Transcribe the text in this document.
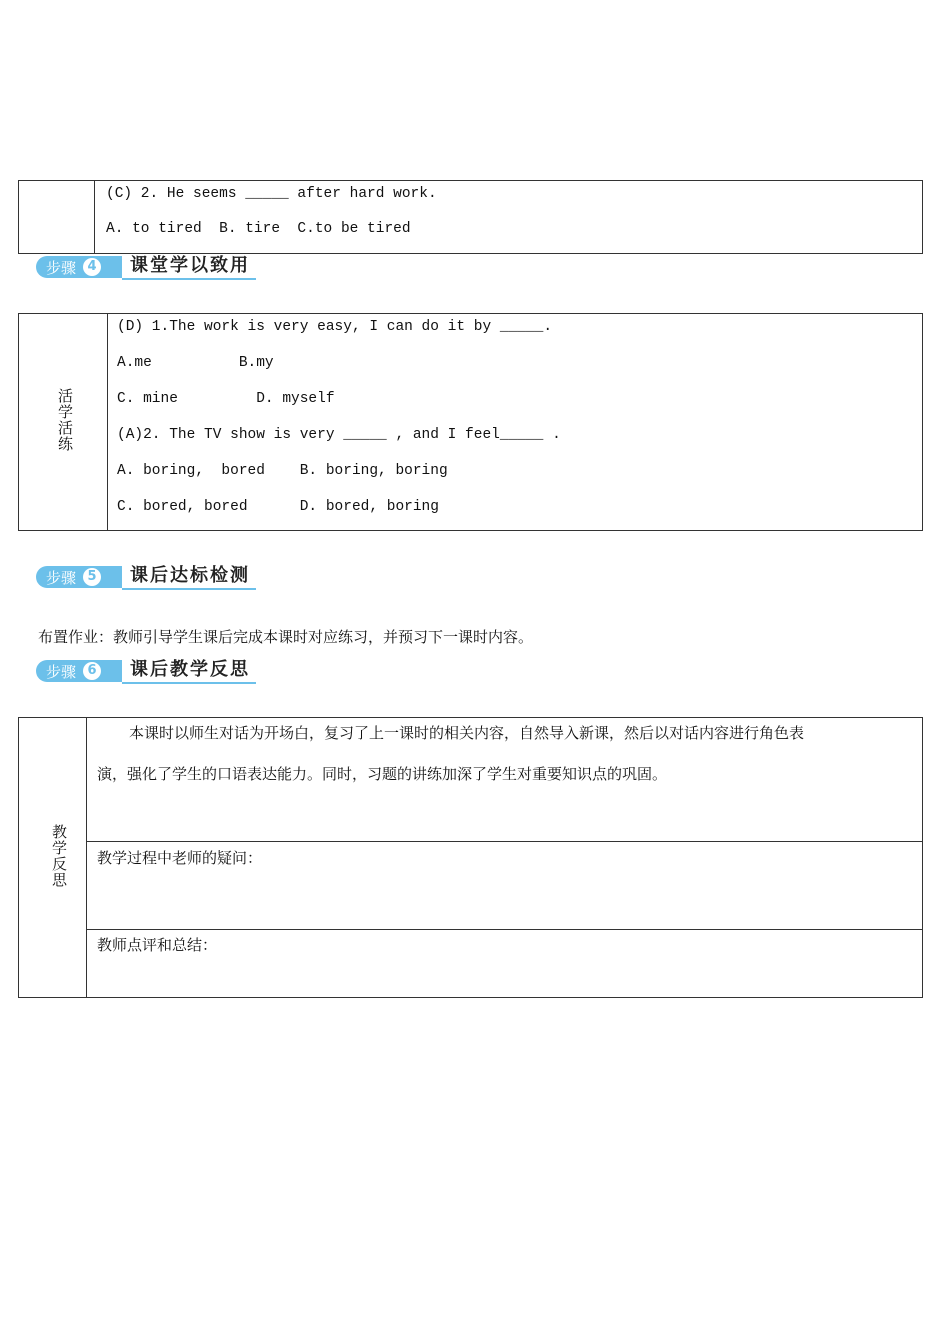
(C) 2. He seems _____ after hard work.
A. to tired  B. tire  C.to be tired
步骤 4	课堂学以致用
活学活练
(D) 1.The work is very easy, I can do it by _____.
A.me          B.my
C. mine         D. myself
(A)2. The TV show is very _____ , and I feel_____ .
A. boring,  bored    B. boring, boring
C. bored, bored      D. bored, boring
步骤 5	课后达标检测
布置作业：教师引导学生课后完成本课时对应练习，并预习下一课时内容。
步骤 6	课后教学反思
教学反思
本课时以师生对话为开场白，复习了上一课时的相关内容，自然导入新课，然后以对话内容进行角色表
演，强化了学生的口语表达能力。同时，习题的讲练加深了学生对重要知识点的巩固。
教学过程中老师的疑问：
教师点评和总结：
